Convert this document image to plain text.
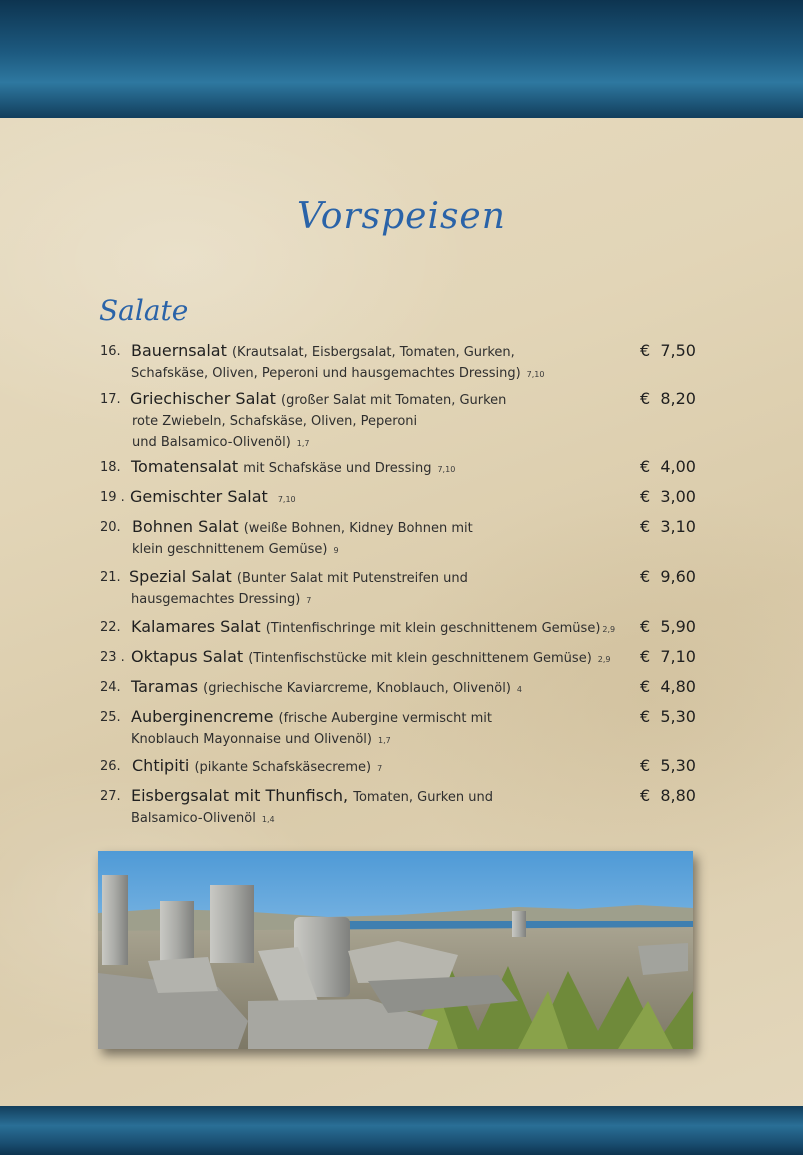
Vorspeisen
Salate
16. Bauernsalat (Krautsalat, Eisbergsalat, Tomaten, Gurken,
Schafskäse, Oliven, Peperoni und hausgemachtes Dressing) 7,10
€  7,50
17. Griechischer Salat (großer Salat mit Tomaten, Gurken
rote Zwiebeln, Schafskäse, Oliven, Peperoni
und Balsamico-Olivenöl) 1,7
€  8,20
18. Tomatensalat mit Schafskäse und Dressing 7,10	€  4,00
19 . Gemischter Salat 7,10	€  3,00
20. Bohnen Salat (weiße Bohnen, Kidney Bohnen mit
klein geschnittenem Gemüse) 9
€  3,10
21. Spezial Salat (Bunter Salat mit Putenstreifen und
hausgemachtes Dressing) 7
€  9,60
22. Kalamares Salat (Tintenfischringe mit klein geschnittenem Gemüse) 2,9	€  5,90
23 . Oktapus Salat (Tintenfischstücke mit klein geschnittenem Gemüse) 2,9	€  7,10
24. Taramas (griechische Kaviarcreme, Knoblauch, Olivenöl) 4	€  4,80
25. Auberginencreme (frische Aubergine vermischt mit
Knoblauch Mayonnaise und Olivenöl) 1,7
€  5,30
26. Chtipiti (pikante Schafskäsecreme) 7	€  5,30
27. Eisbergsalat mit Thunfisch, Tomaten, Gurken und
Balsamico-Olivenöl 1,4
€  8,80
